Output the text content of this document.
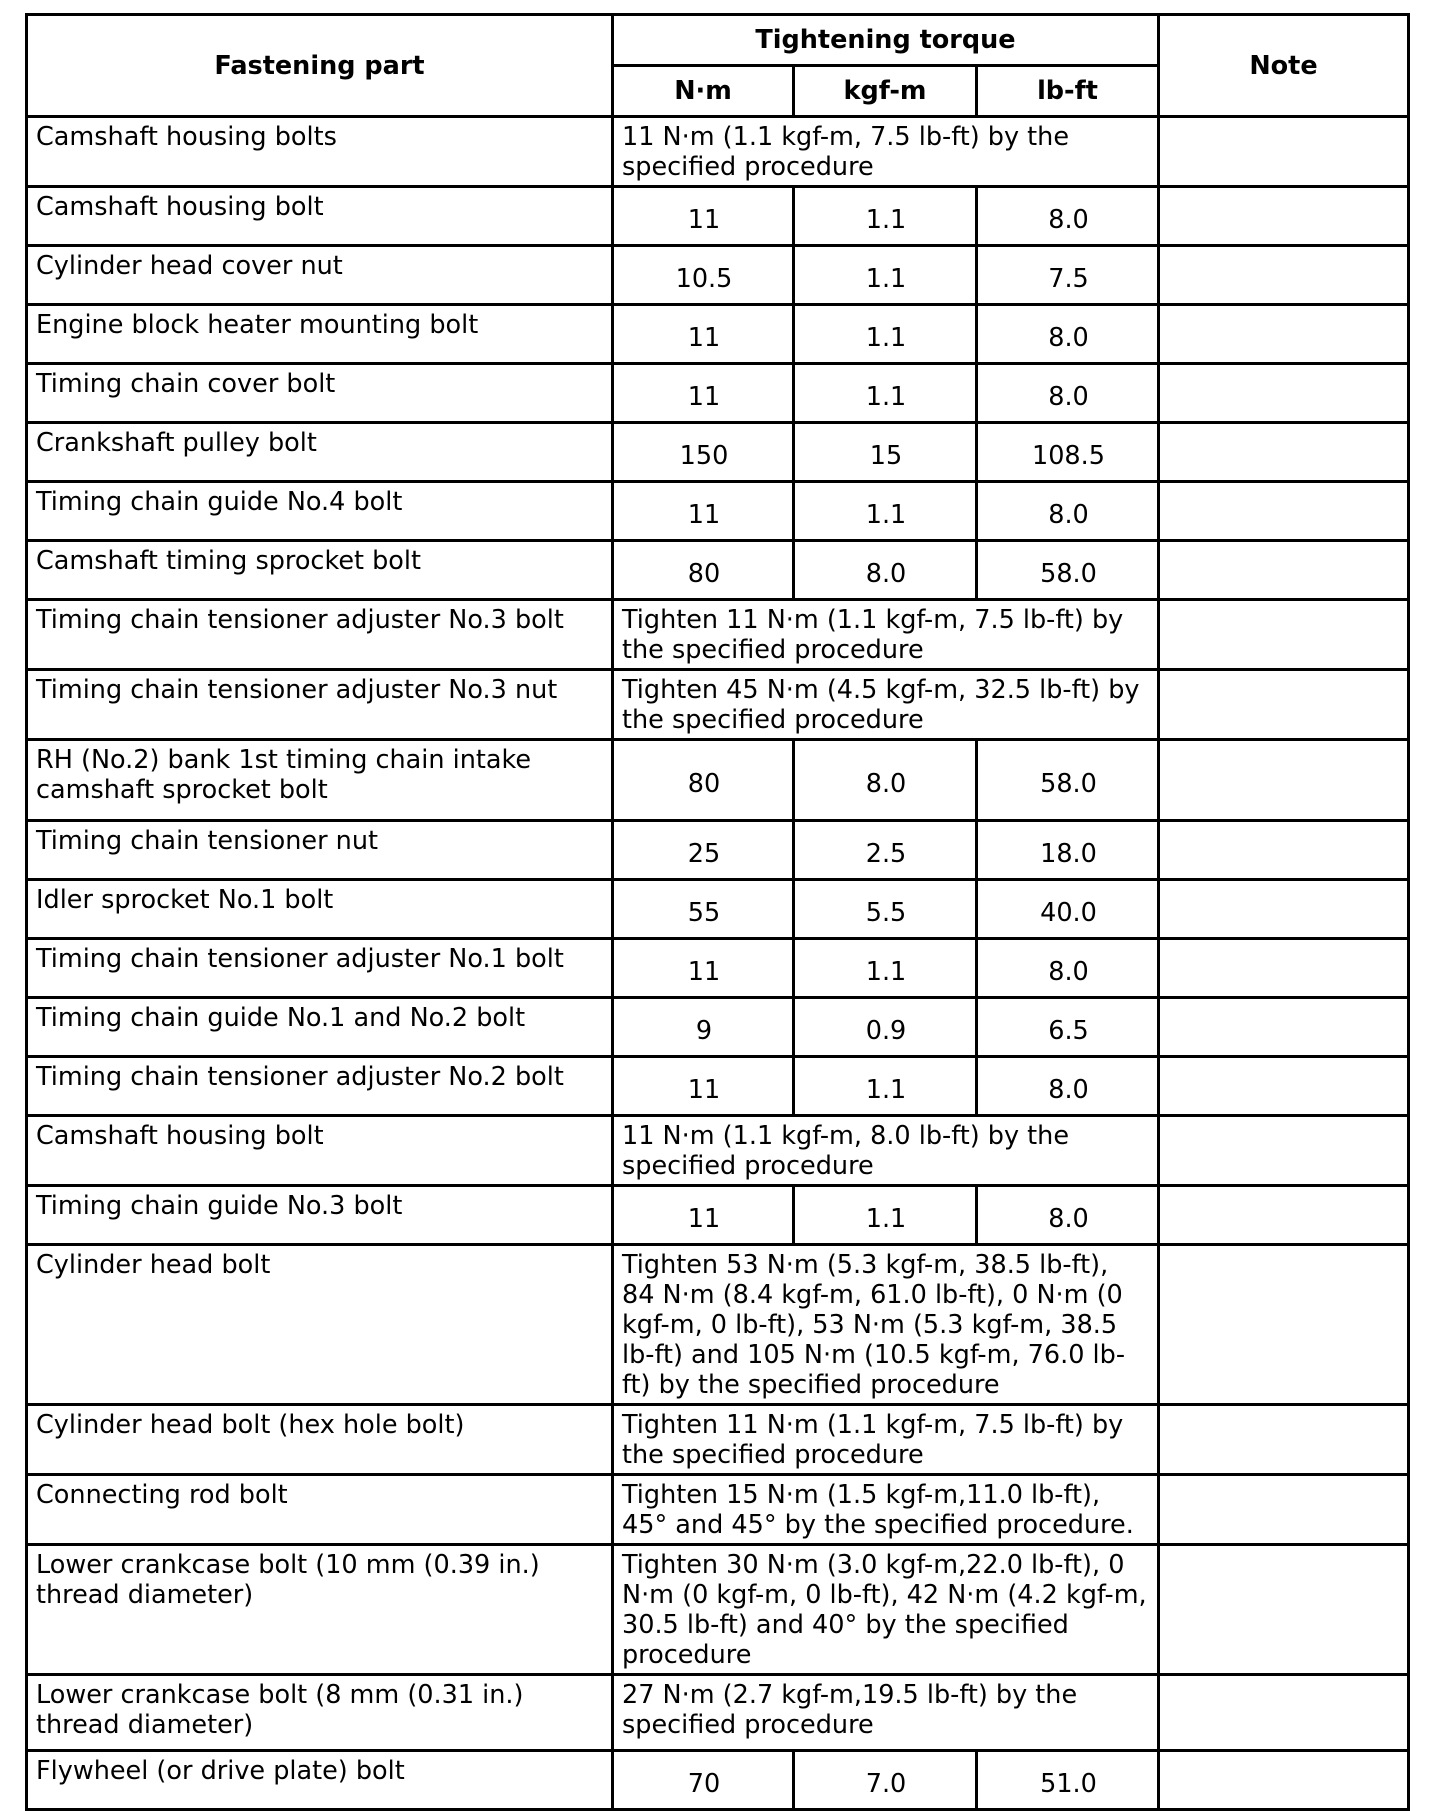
Fastening part	Tightening torque			Note
	N·m	kgf-m	lb-ft	
Camshaft housing bolts	11 N·m (1.1 kgf-m, 7.5 lb-ft) by the specified procedure			
Camshaft housing bolt	11	1.1	8.0	
Cylinder head cover nut	10.5	1.1	7.5	
Engine block heater mounting bolt	11	1.1	8.0	
Timing chain cover bolt	11	1.1	8.0	
Crankshaft pulley bolt	150	15	108.5	
Timing chain guide No.4 bolt	11	1.1	8.0	
Camshaft timing sprocket bolt	80	8.0	58.0	
Timing chain tensioner adjuster No.3 bolt	Tighten 11 N·m (1.1 kgf-m, 7.5 lb-ft) by the specified procedure			
Timing chain tensioner adjuster No.3 nut	Tighten 45 N·m (4.5 kgf-m, 32.5 lb-ft) by the specified procedure			
RH (No.2) bank 1st timing chain intake camshaft sprocket bolt	80	8.0	58.0	
Timing chain tensioner nut	25	2.5	18.0	
Idler sprocket No.1 bolt	55	5.5	40.0	
Timing chain tensioner adjuster No.1 bolt	11	1.1	8.0	
Timing chain guide No.1 and No.2 bolt	9	0.9	6.5	
Timing chain tensioner adjuster No.2 bolt	11	1.1	8.0	
Camshaft housing bolt	11 N·m (1.1 kgf-m, 8.0 lb-ft) by the specified procedure			
Timing chain guide No.3 bolt	11	1.1	8.0	
Cylinder head bolt	Tighten 53 N·m (5.3 kgf-m, 38.5 lb-ft), 84 N·m (8.4 kgf-m, 61.0 lb-ft), 0 N·m (0 kgf-m, 0 lb-ft), 53 N·m (5.3 kgf-m, 38.5 lb-ft) and 105 N·m (10.5 kgf-m, 76.0 lb-ft) by the specified procedure			
Cylinder head bolt (hex hole bolt)	Tighten 11 N·m (1.1 kgf-m, 7.5 lb-ft) by the specified procedure			
Connecting rod bolt	Tighten 15 N·m (1.5 kgf-m,11.0 lb-ft), 45° and 45° by the specified procedure.			
Lower crankcase bolt (10 mm (0.39 in.) thread diameter)	Tighten 30 N·m (3.0 kgf-m,22.0 lb-ft), 0 N·m (0 kgf-m, 0 lb-ft), 42 N·m (4.2 kgf-m, 30.5 lb-ft) and 40° by the specified procedure			
Lower crankcase bolt (8 mm (0.31 in.) thread diameter)	27 N·m (2.7 kgf-m,19.5 lb-ft) by the specified procedure			
Flywheel (or drive plate) bolt	70	7.0	51.0	
